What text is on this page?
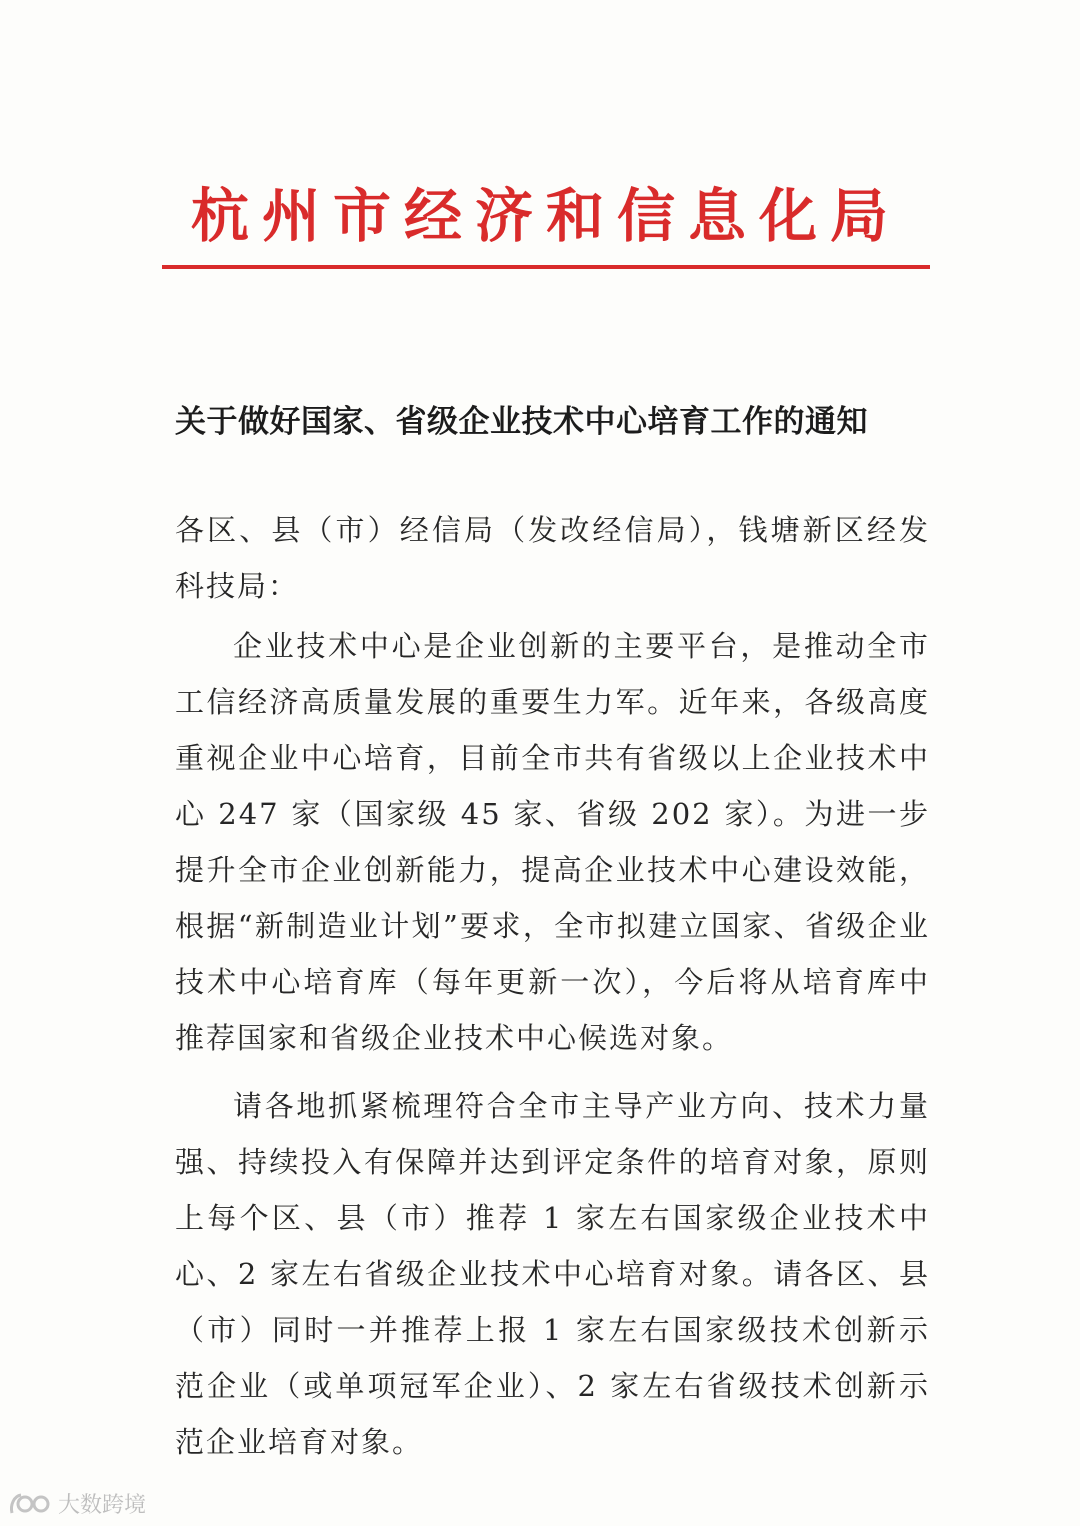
杭州市经济和信息化局
关于做好国家、省级企业技术中心培育工作的通知

各区、县（市）经信局（发改经信局），钱塘新区经发科技局：

企业技术中心是企业创新的主要平台，是推动全市工信经济高质量发展的重要生力军。近年来，各级高度重视企业中心培育，目前全市共有省级以上企业技术中心 247 家（国家级 45 家、省级 202 家）。为进一步提升全市企业创新能力，提高企业技术中心建设效能，根据“新制造业计划”要求，全市拟建立国家、省级企业技术中心培育库（每年更新一次），今后将从培育库中推荐国家和省级企业技术中心候选对象。

请各地抓紧梳理符合全市主导产业方向、技术力量强、持续投入有保障并达到评定条件的培育对象，原则上每个区、县（市）推荐 1 家左右国家级企业技术中心、2 家左右省级企业技术中心培育对象。请各区、县（市）同时一并推荐上报 1 家左右国家级技术创新示范企业（或单项冠军企业）、2 家左右省级技术创新示范企业培育对象。

大数跨境
